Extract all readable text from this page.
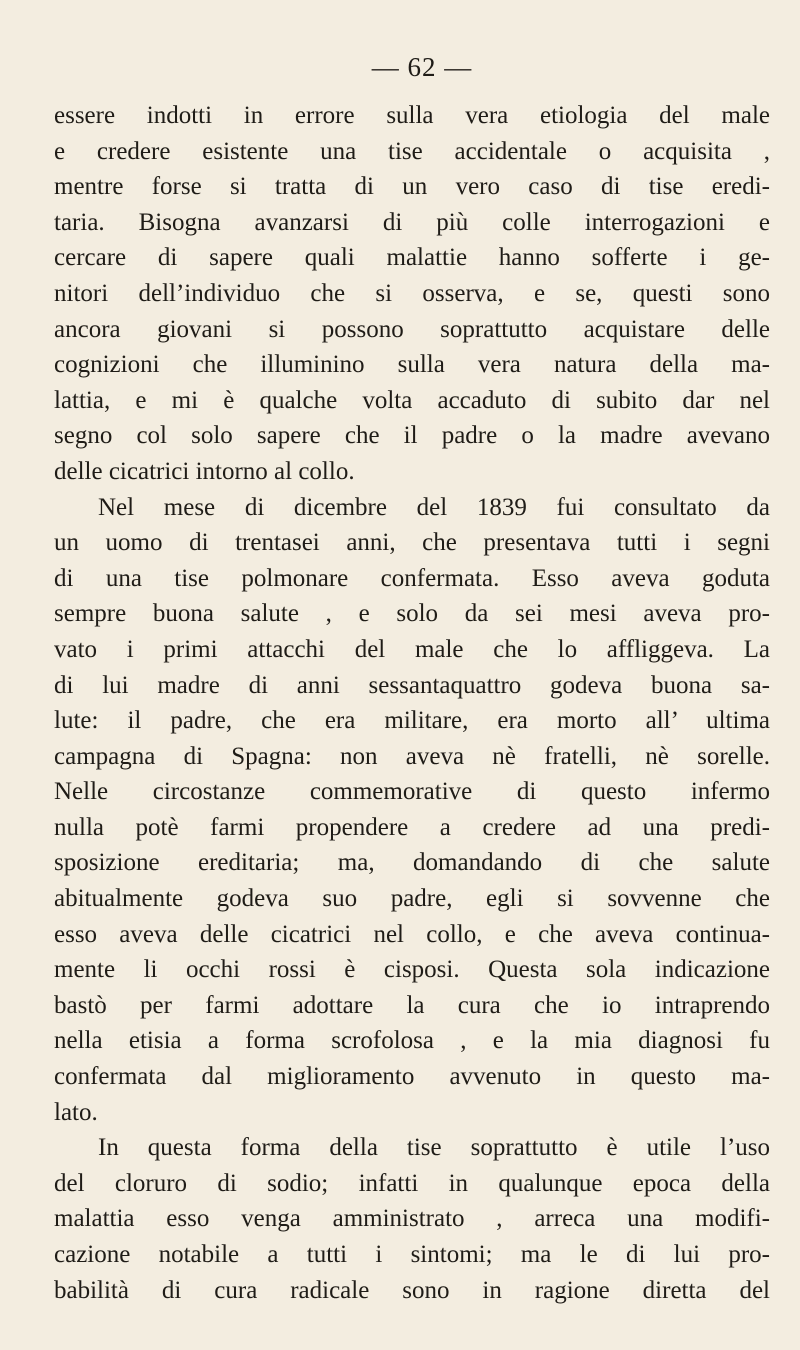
— 62 —
essere indotti in errore sulla vera etiologia del male
e credere esistente una tise accidentale o acquisita ,
mentre forse si tratta di un vero caso di tise eredi-
taria. Bisogna avanzarsi di più colle interrogazioni e
cercare di sapere quali malattie hanno sofferte i ge-
nitori dell’individuo che si osserva, e se, questi sono
ancora giovani si possono soprattutto acquistare delle
cognizioni che illuminino sulla vera natura della ma-
lattia, e mi è qualche volta accaduto di subito dar nel
segno col solo sapere che il padre o la madre avevano
delle cicatrici intorno al collo.
Nel mese di dicembre del 1839 fui consultato da
un uomo di trentasei anni, che presentava tutti i segni
di una tise polmonare confermata. Esso aveva goduta
sempre buona salute , e solo da sei mesi aveva pro-
vato i primi attacchi del male che lo affliggeva. La
di lui madre di anni sessantaquattro godeva buona sa-
lute: il padre, che era militare, era morto all’ ultima
campagna di Spagna: non aveva nè fratelli, nè sorelle.
Nelle circostanze commemorative di questo infermo
nulla potè farmi propendere a credere ad una predi-
sposizione ereditaria; ma, domandando di che salute
abitualmente godeva suo padre, egli si sovvenne che
esso aveva delle cicatrici nel collo, e che aveva continua-
mente li occhi rossi è cisposi. Questa sola indicazione
bastò per farmi adottare la cura che io intraprendo
nella etisia a forma scrofolosa , e la mia diagnosi fu
confermata dal miglioramento avvenuto in questo ma-
lato.
In questa forma della tise soprattutto è utile l’uso
del cloruro di sodio; infatti in qualunque epoca della
malattia esso venga amministrato , arreca una modifi-
cazione notabile a tutti i sintomi; ma le di lui pro-
babilità di cura radicale sono in ragione diretta del
